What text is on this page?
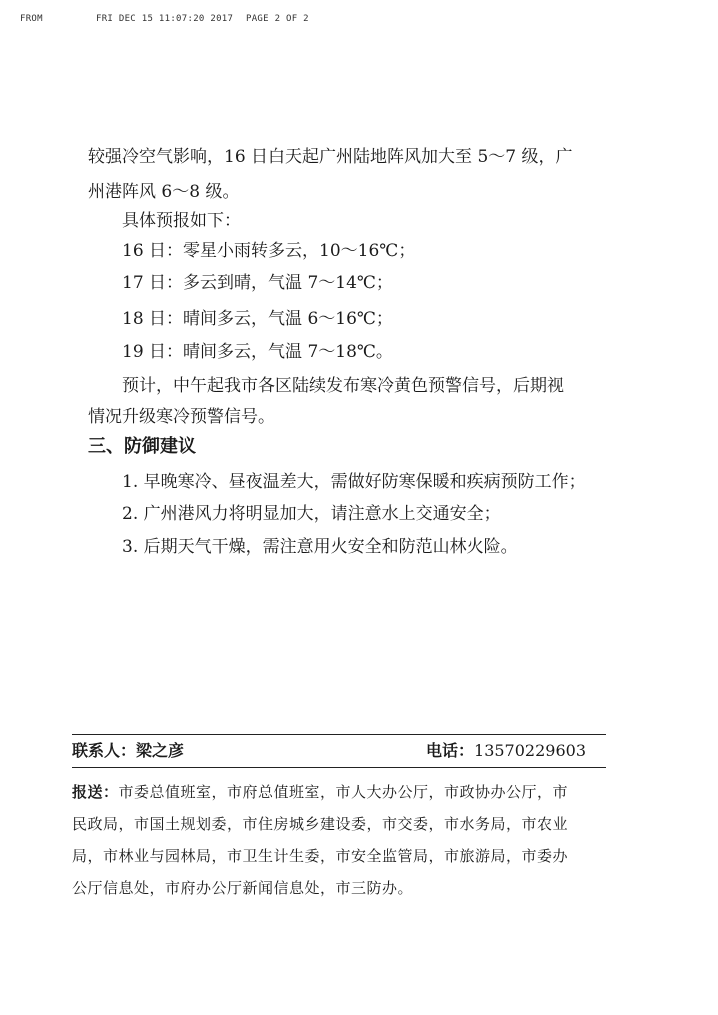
FROM	FRI DEC 15 11:07:20 2017 PAGE 2 OF 2
较强冷空气影响，16 日白天起广州陆地阵风加大至 5～7 级，广
州港阵风 6～8 级。
具体预报如下：
16 日：零星小雨转多云，10～16℃；
17 日：多云到晴，气温 7～14℃；
18 日：晴间多云，气温 6～16℃；
19 日：晴间多云，气温 7～18℃。
预计，中午起我市各区陆续发布寒冷黄色预警信号，后期视
情况升级寒冷预警信号。
三、防御建议
1. 早晚寒冷、昼夜温差大，需做好防寒保暖和疾病预防工作；
2. 广州港风力将明显加大，请注意水上交通安全；
3. 后期天气干燥，需注意用火安全和防范山林火险。
联系人：梁之彦	电话：13570229603
报送：市委总值班室，市府总值班室，市人大办公厅，市政协办公厅，市
民政局，市国土规划委，市住房城乡建设委，市交委，市水务局，市农业
局，市林业与园林局，市卫生计生委，市安全监管局，市旅游局，市委办
公厅信息处，市府办公厅新闻信息处，市三防办。
